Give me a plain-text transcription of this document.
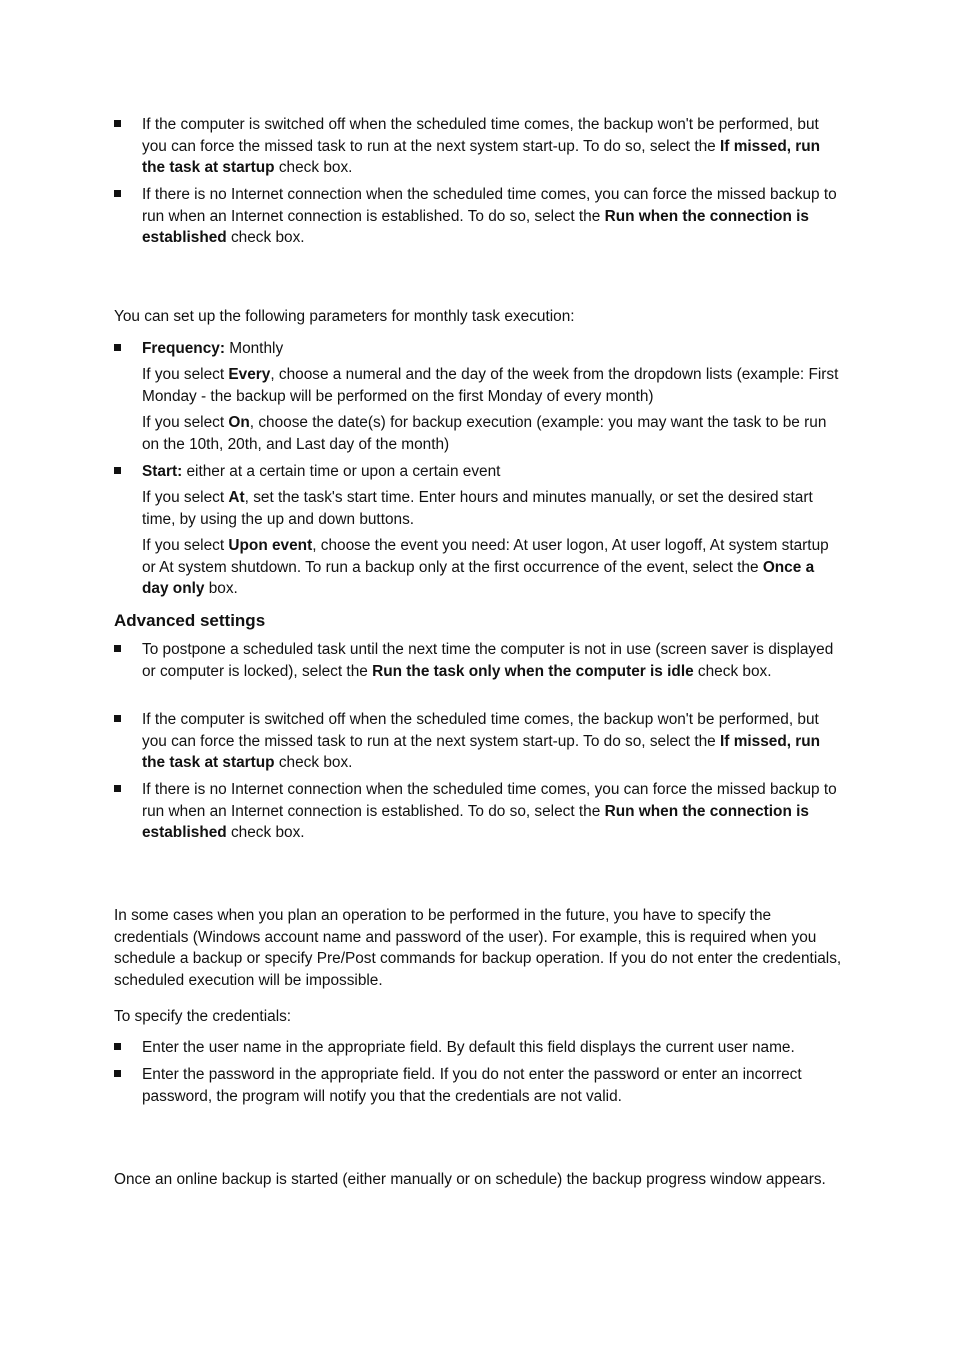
If the computer is switched off when the scheduled time comes, the backup won't be performed, but you can force the missed task to run at the next system start-up. To do so, select the If missed, run the task at startup check box.
If there is no Internet connection when the scheduled time comes, you can force the missed backup to run when an Internet connection is established. To do so, select the Run when the connection is established check box.
You can set up the following parameters for monthly task execution:
Frequency: Monthly
If you select Every, choose a numeral and the day of the week from the dropdown lists (example: First Monday - the backup will be performed on the first Monday of every month)
If you select On, choose the date(s) for backup execution (example: you may want the task to be run on the 10th, 20th, and Last day of the month)
Start: either at a certain time or upon a certain event
If you select At, set the task's start time. Enter hours and minutes manually, or set the desired start time, by using the up and down buttons.
If you select Upon event, choose the event you need: At user logon, At user logoff, At system startup or At system shutdown. To run a backup only at the first occurrence of the event, select the Once a day only box.
Advanced settings
To postpone a scheduled task until the next time the computer is not in use (screen saver is displayed or computer is locked), select the Run the task only when the computer is idle check box.
If the computer is switched off when the scheduled time comes, the backup won't be performed, but you can force the missed task to run at the next system start-up. To do so, select the If missed, run the task at startup check box.
If there is no Internet connection when the scheduled time comes, you can force the missed backup to run when an Internet connection is established. To do so, select the Run when the connection is established check box.
In some cases when you plan an operation to be performed in the future, you have to specify the credentials (Windows account name and password of the user). For example, this is required when you schedule a backup or specify Pre/Post commands for backup operation. If you do not enter the credentials, scheduled execution will be impossible.
To specify the credentials:
Enter the user name in the appropriate field. By default this field displays the current user name.
Enter the password in the appropriate field. If you do not enter the password or enter an incorrect password, the program will notify you that the credentials are not valid.
Once an online backup is started (either manually or on schedule) the backup progress window appears.
